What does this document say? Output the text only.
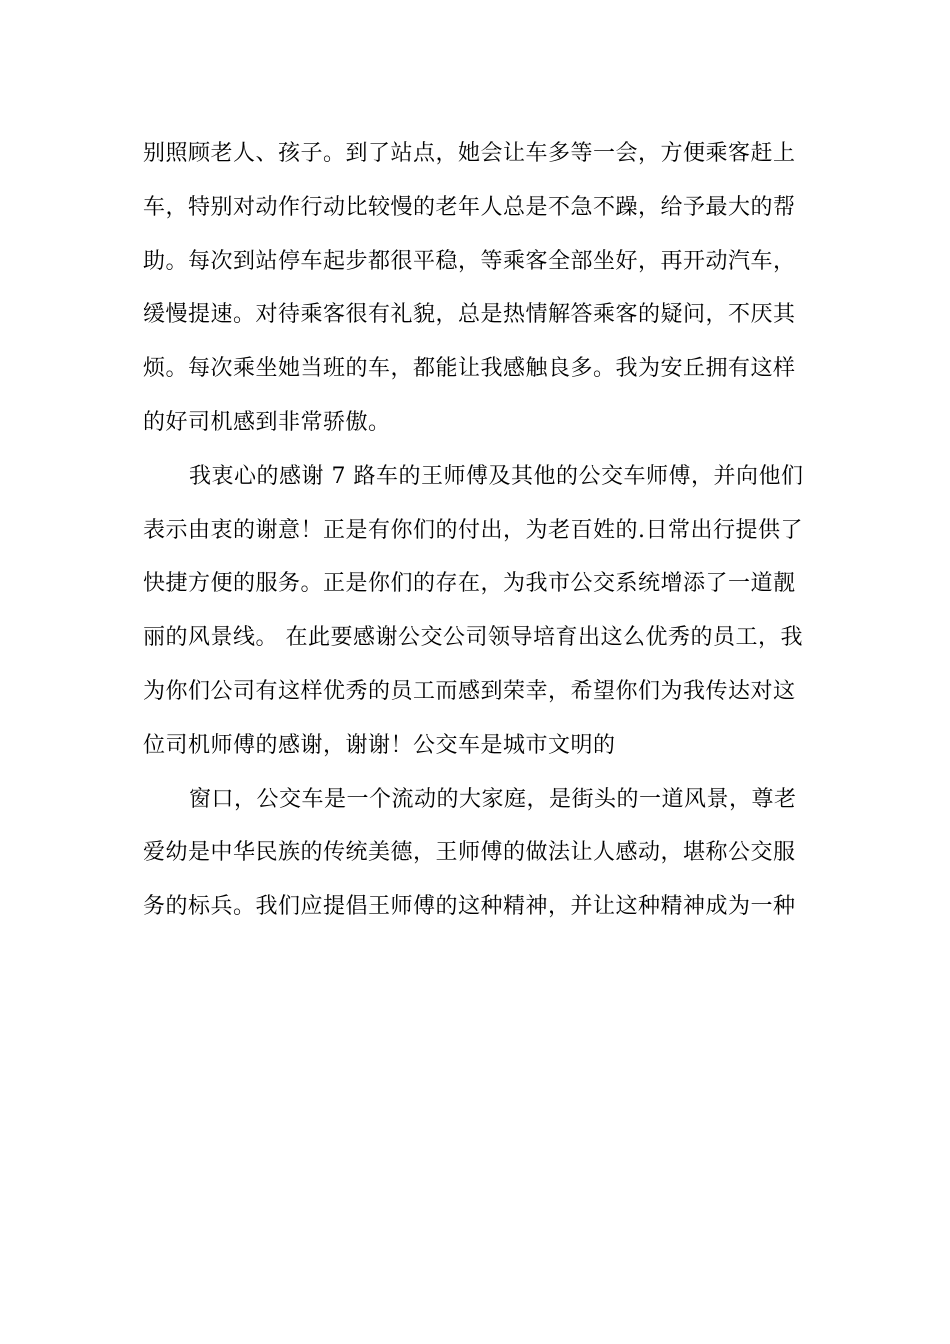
别照顾老人、孩子。到了站点，她会让车多等一会，方便乘客赶上
车，特别对动作行动比较慢的老年人总是不急不躁，给予最大的帮
助。每次到站停车起步都很平稳，等乘客全部坐好，再开动汽车，
缓慢提速。对待乘客很有礼貌，总是热情解答乘客的疑问，不厌其
烦。每次乘坐她当班的车，都能让我感触良多。我为安丘拥有这样
的好司机感到非常骄傲。
我衷心的感谢 7 路车的王师傅及其他的公交车师傅，并向他们
表示由衷的谢意！正是有你们的付出，为老百姓的.日常出行提供了
快捷方便的服务。正是你们的存在，为我市公交系统增添了一道靓
丽的风景线。 在此要感谢公交公司领导培育出这么优秀的员工，我
为你们公司有这样优秀的员工而感到荣幸，希望你们为我传达对这
位司机师傅的感谢，谢谢！公交车是城市文明的
窗口，公交车是一个流动的大家庭，是街头的一道风景，尊老
爱幼是中华民族的传统美德，王师傅的做法让人感动，堪称公交服
务的标兵。我们应提倡王师傅的这种精神，并让这种精神成为一种
